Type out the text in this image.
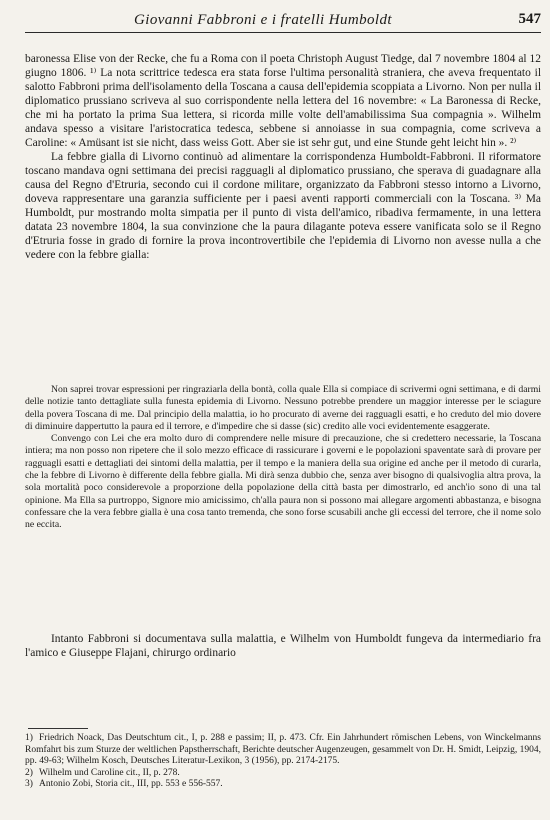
Giovanni Fabbroni e i fratelli Humboldt	547

baronessa Elise von der Recke, che fu a Roma con il poeta Christoph August Tiedge, dal 7 novembre 1804 al 12 giugno 1806. ¹⁾ La nota scrittrice tedesca era stata forse l'ultima personalità straniera, che aveva frequentato il salotto Fabbroni prima dell'isolamento della Toscana a causa dell'epidemia scoppiata a Livorno. Non per nulla il diplomatico prussiano scriveva al suo corrispondente nella lettera del 16 novembre: « La Baronessa di Recke, che mi ha portato la prima Sua lettera, si ricorda mille volte dell'amabilissima Sua compagnia ». Wilhelm andava spesso a visitare l'aristocratica tedesca, sebbene si annoiasse in sua compagnia, come scriveva a Caroline: « Amüsant ist sie nicht, dass weiss Gott. Aber sie ist sehr gut, und eine Stunde geht leicht hin ». ²⁾

La febbre gialla di Livorno continuò ad alimentare la corrispondenza Humboldt-Fabbroni. Il riformatore toscano mandava ogni settimana dei precisi ragguagli al diplomatico prussiano, che sperava di guadagnare alla causa del Regno d'Etruria, secondo cui il cordone militare, organizzato da Fabbroni stesso intorno a Livorno, doveva rappresentare una garanzia sufficiente per i paesi aventi rapporti commerciali con la Toscana. ³⁾ Ma Humboldt, pur mostrando molta simpatia per il punto di vista dell'amico, ribadiva fermamente, in una lettera datata 23 novembre 1804, la sua convinzione che la paura dilagante poteva essere vanificata solo se il Regno d'Etruria fosse in grado di fornire la prova incontrovertibile che l'epidemia di Livorno non avesse nulla a che vedere con la febbre gialla:

Non saprei trovar espressioni per ringraziarla della bontà, colla quale Ella si compiace di scrivermi ogni settimana, e di darmi delle notizie tanto dettagliate sulla funesta epidemia di Livorno. Nessuno potrebbe prendere un maggior interesse per le sciagure della povera Toscana di me. Dal principio della malattia, io ho procurato di averne dei ragguagli esatti, e ho creduto del mio dovere di diminuire dappertutto la paura ed il terrore, e d'impedire che si dasse (sic) credito alle voci evidentemente esaggerate.

Convengo con Lei che era molto duro di comprendere nelle misure di precauzione, che si credettero necessarie, la Toscana intiera; ma non posso non ripetere che il solo mezzo efficace di rassicurare i governi e le popolazioni spaventate sarà di provare per ragguagli esatti e dettagliati dei sintomi della malattia, per il tempo e la maniera della sua origine ed anche per il metodo di curarla, che la febbre di Livorno è differente della febbre gialla. Mi dirà senza dubbio che, senza aver bisogno di qualsivoglia altra prova, la sola mortalità poco considerevole a proporzione della popolazione della città basta per dimostrarlo, ed anch'io sono di una tal opinione. Ma Ella sa purtroppo, Signore mio amicissimo, ch'alla paura non si possono mai allegare argomenti abbastanza, e bisogna confessare che la vera febbre gialla è una cosa tanto tremenda, che sono forse scusabili anche gli eccessi del terrore, che il nome solo ne eccita.

Intanto Fabbroni si documentava sulla malattia, e Wilhelm von Humboldt fungeva da intermediario fra l'amico e Giuseppe Flajani, chirurgo ordinario

1) Friedrich Noack, Das Deutschtum cit., I, p. 288 e passim; II, p. 473. Cfr. Ein Jahrhundert römischen Lebens, von Winckelmanns Romfahrt bis zum Sturze der weltlichen Papstherrschaft, Berichte deutscher Augenzeugen, gesammelt von Dr. H. Smidt, Leipzig, 1904, pp. 49-63; Wilhelm Kosch, Deutsches Literatur-Lexikon, 3 (1956), pp. 2174-2175.

2) Wilhelm und Caroline cit., II, p. 278.

3) Antonio Zobi, Storia cit., III, pp. 553 e 556-557.
